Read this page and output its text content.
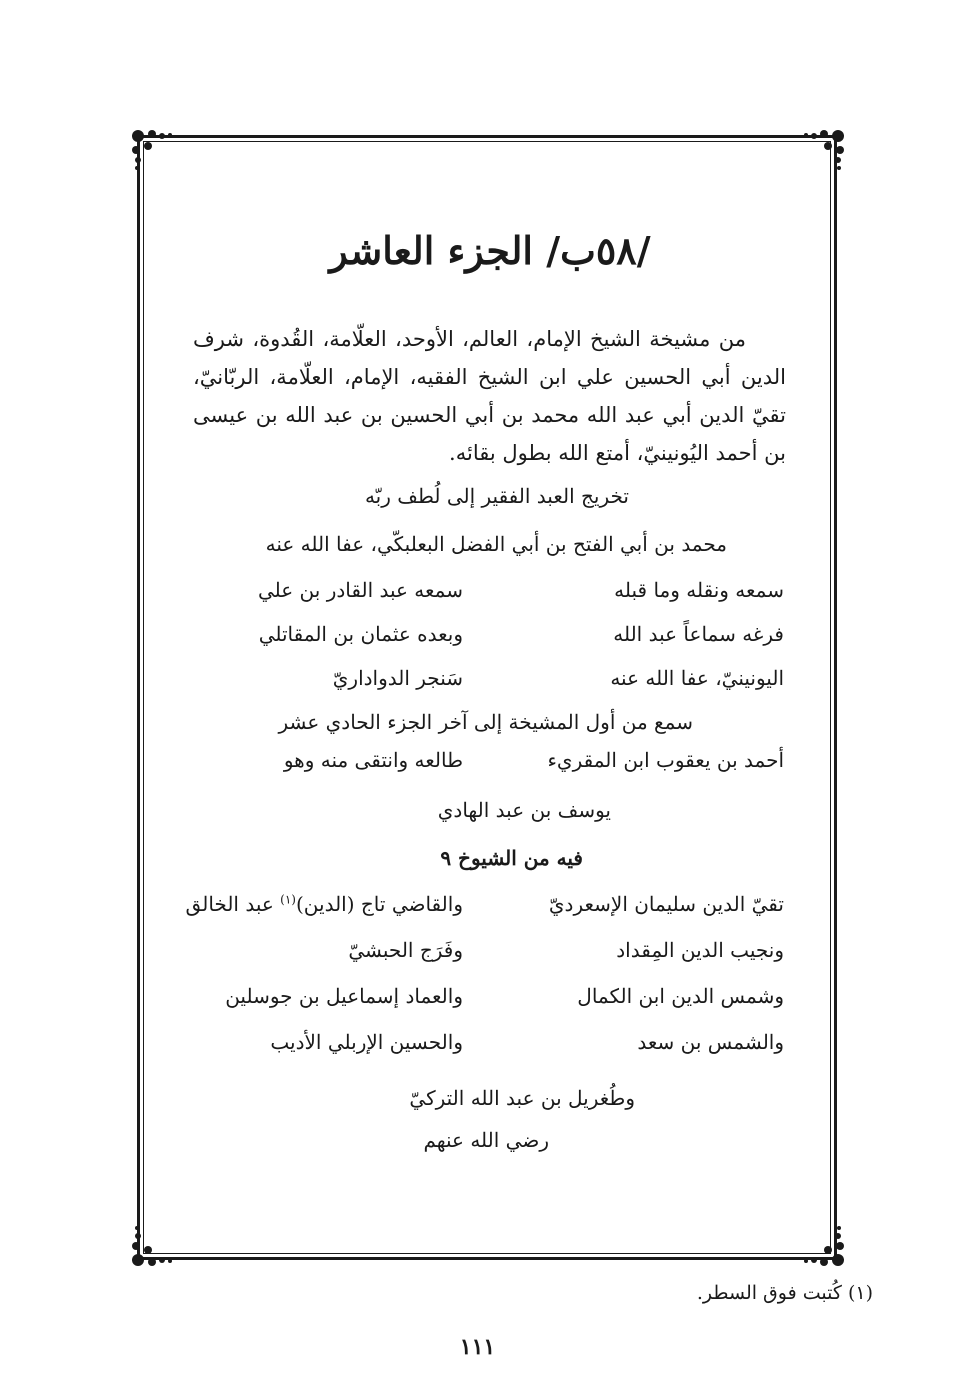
/٥٨ب/ الجزء العاشر
من مشيخة الشيخ الإمام، العالم، الأوحد، العلّامة، القُدوة، شرف الدين أبي الحسين علي ابن الشيخ الفقيه، الإمام، العلّامة، الربّانيّ، تقيّ الدين أبي عبد الله محمد بن أبي الحسين بن عبد الله بن عيسى بن أحمد اليُونينيّ، أمتع الله بطول بقائه.
تخريج العبد الفقير إلى لُطف ربّه
محمد بن أبي الفتح بن أبي الفضل البعلبكّي، عفا الله عنه
سمعه ونقله وما قبله
سمعه عبد القادر بن علي
فرغه سماعاً عبد الله
وبعده عثمان بن المقاتلي
اليونينيّ، عفا الله عنه
سَنجر الدواداريّ
سمع من أول المشيخة إلى آخر الجزء الحادي عشر
أحمد بن يعقوب ابن المقريء
طالعه وانتقى منه وهو
يوسف بن عبد الهادي
فيه من الشيوخ ٩
تقيّ الدين سليمان الإسعرديّ
والقاضي تاج (الدين)$^{(١)}$ عبد الخالق
ونجيب الدين المِقداد
وفَرَج الحبشيّ
وشمس الدين ابن الكمال
والعماد إسماعيل بن جوسلين
والشمس بن سعد
والحسين الإربلي الأديب
وطُغريل بن عبد الله التركيّ
رضي الله عنهم
(١) كُتبت فوق السطر.
١١١
